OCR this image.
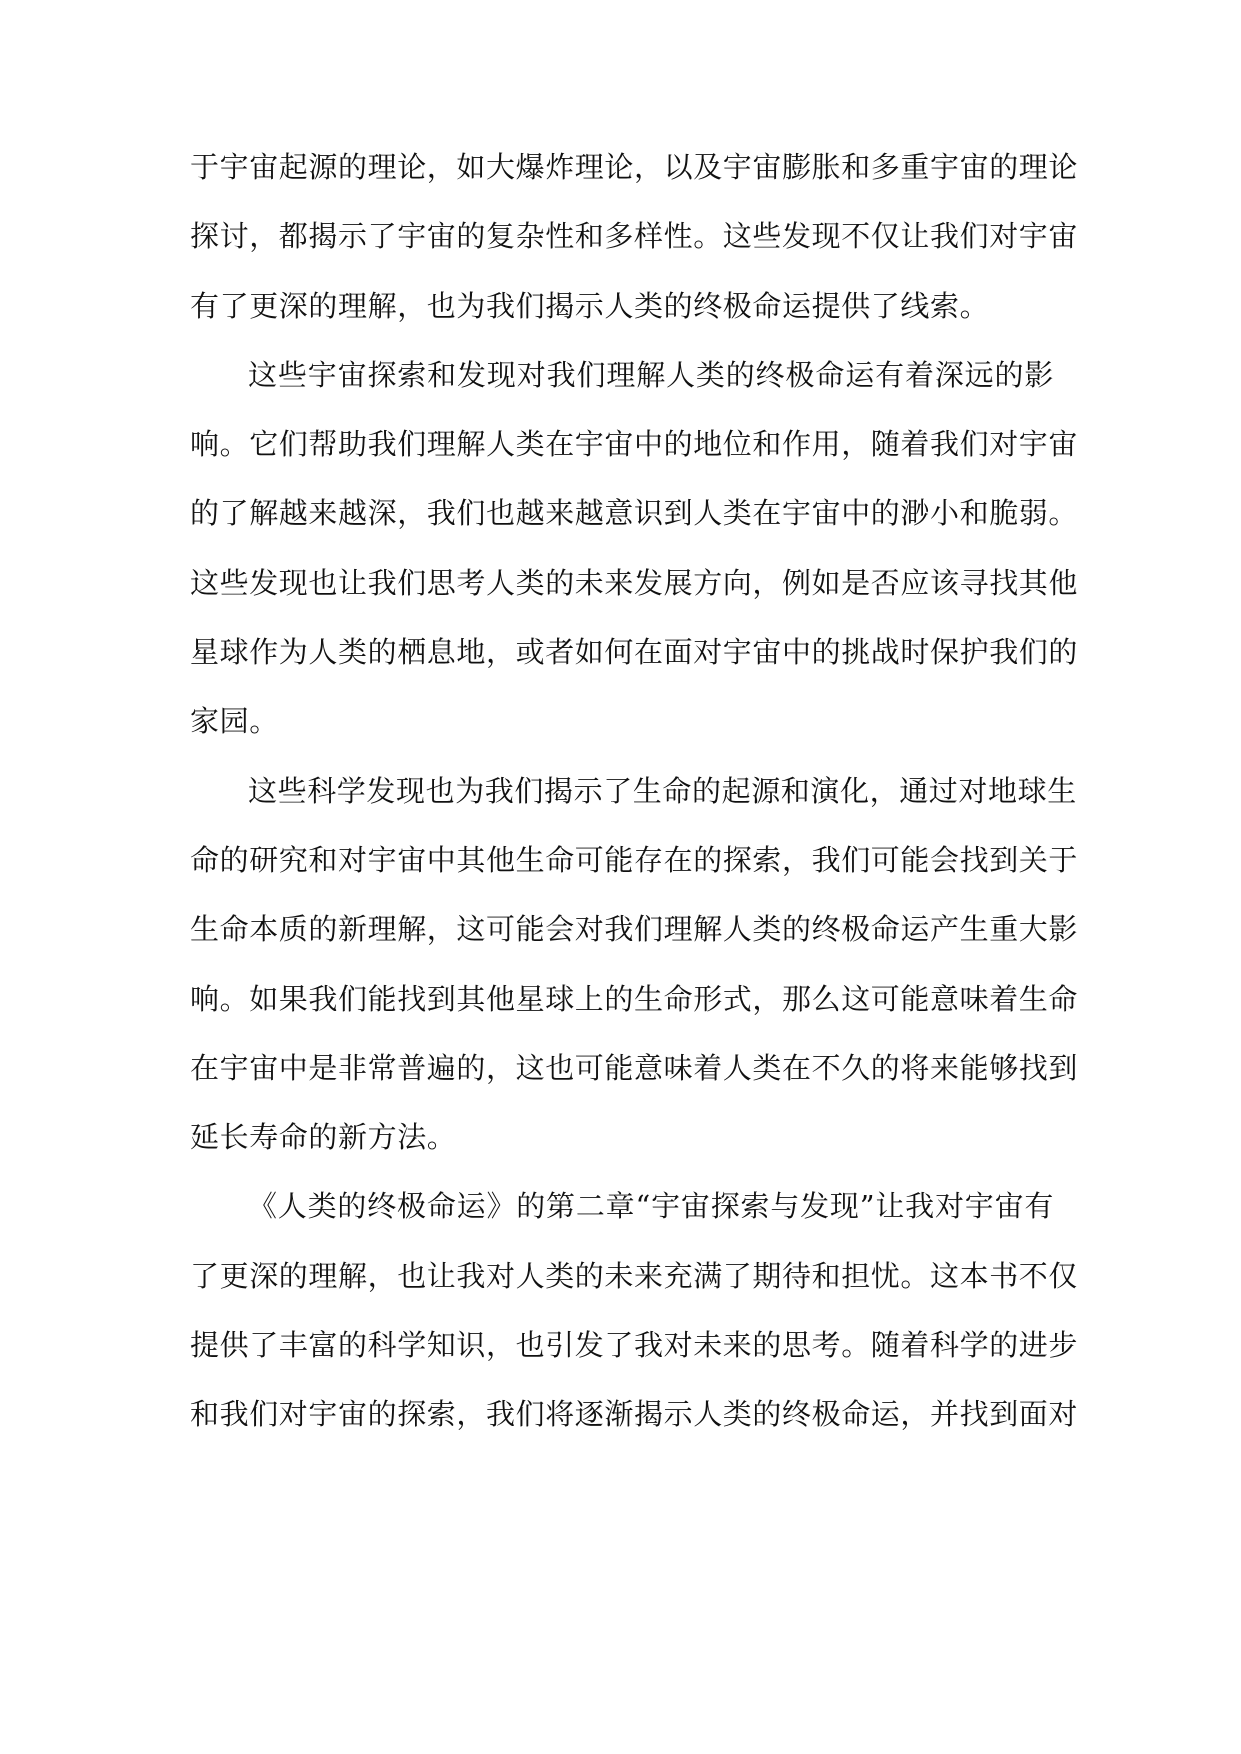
于宇宙起源的理论，如大爆炸理论，以及宇宙膨胀和多重宇宙的理论
探讨，都揭示了宇宙的复杂性和多样性。这些发现不仅让我们对宇宙
有了更深的理解，也为我们揭示人类的终极命运提供了线索。
这些宇宙探索和发现对我们理解人类的终极命运有着深远的影
响。它们帮助我们理解人类在宇宙中的地位和作用，随着我们对宇宙
的了解越来越深，我们也越来越意识到人类在宇宙中的渺小和脆弱。
这些发现也让我们思考人类的未来发展方向，例如是否应该寻找其他
星球作为人类的栖息地，或者如何在面对宇宙中的挑战时保护我们的
家园。
这些科学发现也为我们揭示了生命的起源和演化，通过对地球生
命的研究和对宇宙中其他生命可能存在的探索，我们可能会找到关于
生命本质的新理解，这可能会对我们理解人类的终极命运产生重大影
响。如果我们能找到其他星球上的生命形式，那么这可能意味着生命
在宇宙中是非常普遍的，这也可能意味着人类在不久的将来能够找到
延长寿命的新方法。
《人类的终极命运》的第二章“宇宙探索与发现”让我对宇宙有
了更深的理解，也让我对人类的未来充满了期待和担忧。这本书不仅
提供了丰富的科学知识，也引发了我对未来的思考。随着科学的进步
和我们对宇宙的探索，我们将逐渐揭示人类的终极命运，并找到面对
